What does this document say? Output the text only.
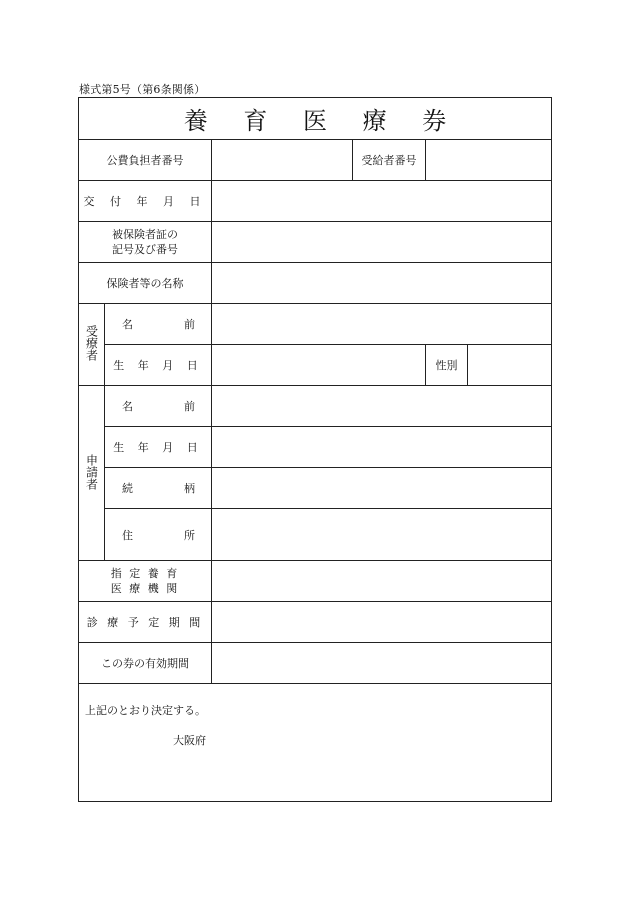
様式第5号（第6条関係）
養 育 医 療 券					
公費負担者番号			受給者番号		
交 付 年 月 日					

被保険者証の
記号及び番号					

保険者等の名称					
受療者	名 前				

	生 年 月 日			性別	
申請者	名 前				

	生 年 月 日				

	続 柄				

	住 所				

指 定 養 育
医 療 機 関					

診 療 予 定 期 間					
この券の有効期間					

上記のとおり決定する。
大阪府					
